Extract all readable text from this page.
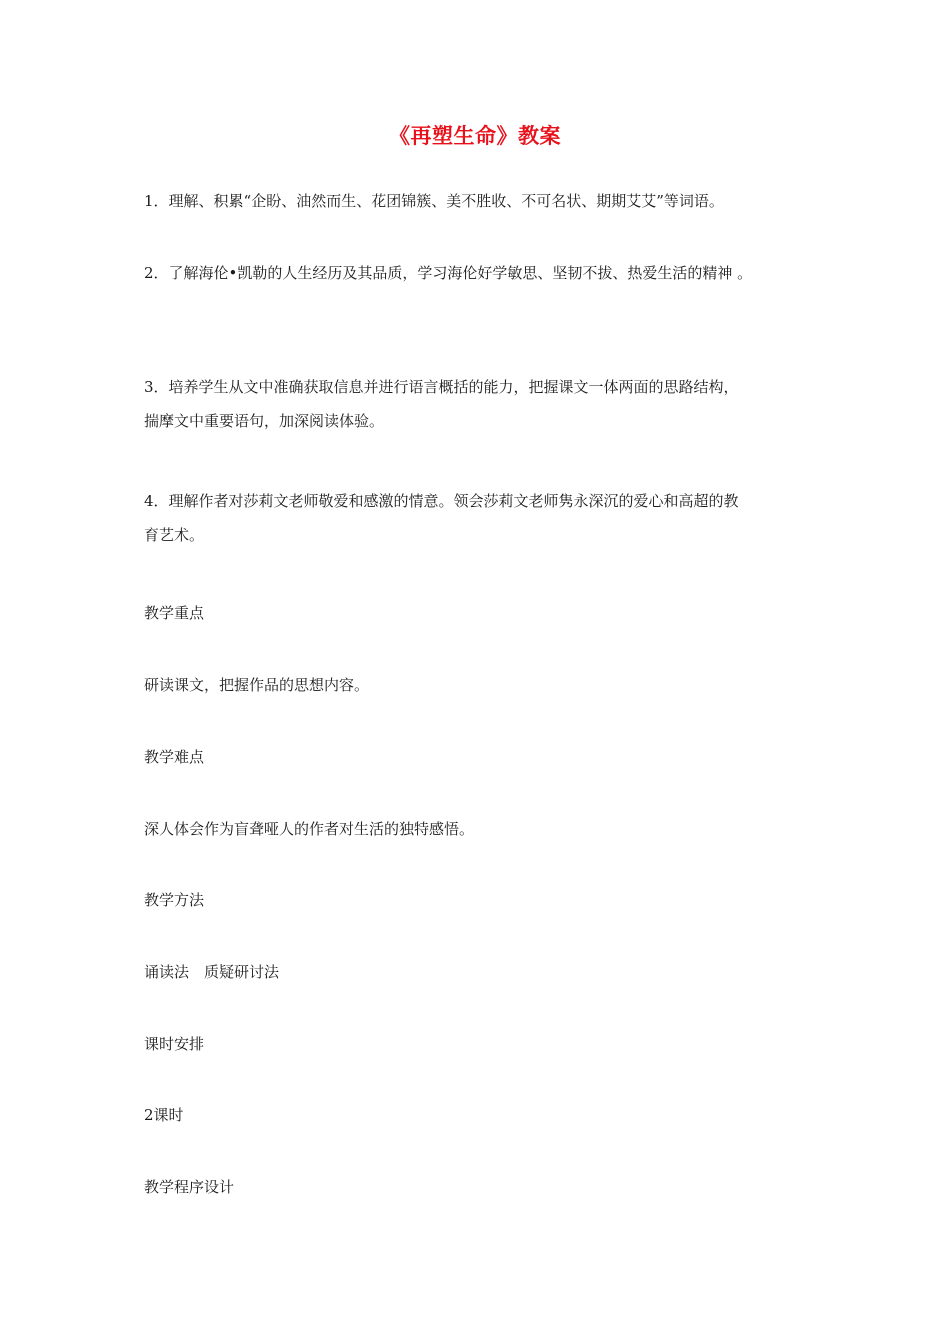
《再塑生命》教案
1．理解、积累“企盼、油然而生、花团锦簇、美不胜收、不可名状、期期艾艾”等词语。
2．了解海伦•凯勒的人生经历及其品质，学习海伦好学敏思、坚韧不拔、热爱生活的精神 。
3．培养学生从文中准确获取信息并进行语言概括的能力，把握课文一体两面的思路结构，
揣摩文中重要语句，加深阅读体验。
4．理解作者对莎莉文老师敬爱和感激的情意。领会莎莉文老师隽永深沉的爱心和高超的教
育艺术。
教学重点
研读课文，把握作品的思想内容。
教学难点
深人体会作为盲聋哑人的作者对生活的独特感悟。
教学方法
诵读法　质疑研讨法
课时安排
2课时
教学程序设计
